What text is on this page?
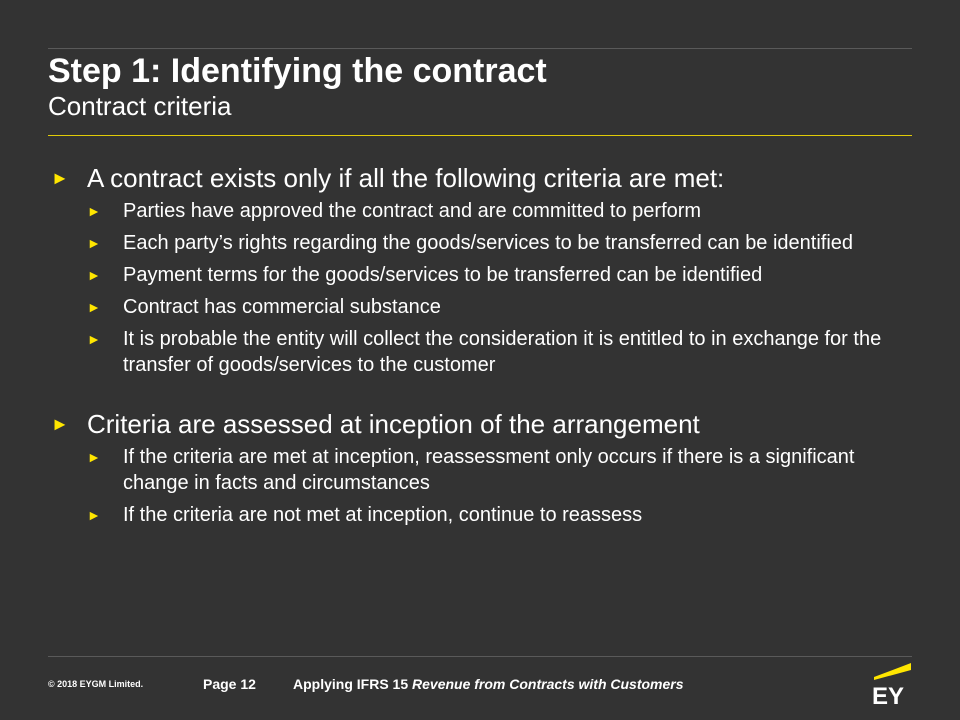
Step 1: Identifying the contract
Contract criteria
► A contract exists only if all the following criteria are met:
► Parties have approved the contract and are committed to perform
► Each party’s rights regarding the goods/services to be transferred can be identified
► Payment terms for the goods/services to be transferred can be identified
► Contract has commercial substance
► It is probable the entity will collect the consideration it is entitled to in exchange for the transfer of goods/services to the customer
► Criteria are assessed at inception of the arrangement
► If the criteria are met at inception, reassessment only occurs if there is a significant change in facts and circumstances
► If the criteria are not met at inception, continue to reassess
© 2018 EYGM Limited.	Page 12	Applying IFRS 15 Revenue from Contracts with Customers	EY
